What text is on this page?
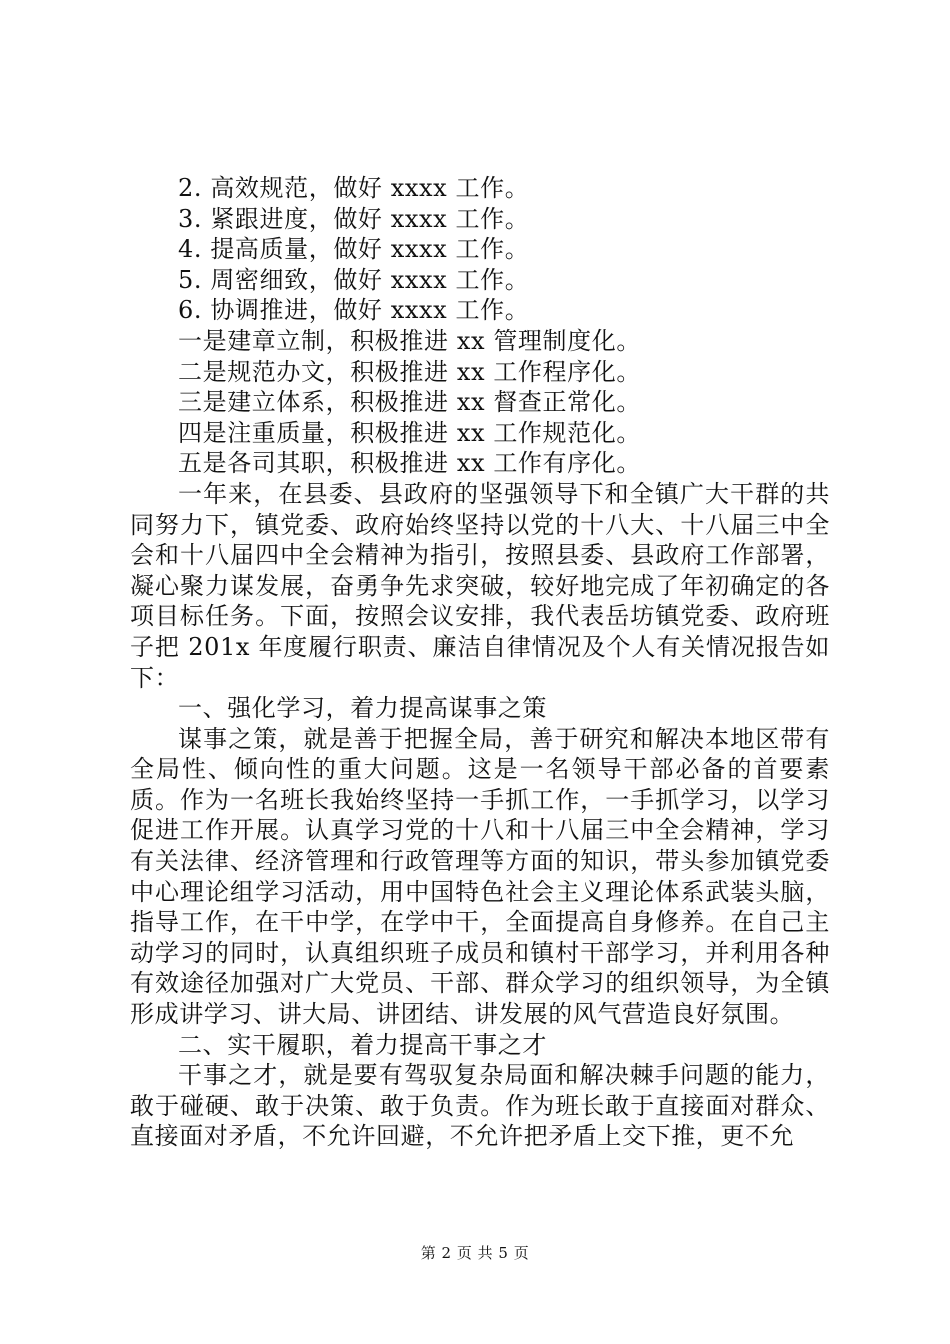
2. 高效规范，做好 xxxx 工作。

3. 紧跟进度，做好 xxxx 工作。

4. 提高质量，做好 xxxx 工作。

5. 周密细致，做好 xxxx 工作。

6. 协调推进，做好 xxxx 工作。

一是建章立制，积极推进 xx 管理制度化。

二是规范办文，积极推进 xx 工作程序化。

三是建立体系，积极推进 xx 督查正常化。

四是注重质量，积极推进 xx 工作规范化。

五是各司其职，积极推进 xx 工作有序化。

一年来，在县委、县政府的坚强领导下和全镇广大干群的共同努力下，镇党委、政府始终坚持以党的十八大、十八届三中全会和十八届四中全会精神为指引，按照县委、县政府工作部署，凝心聚力谋发展，奋勇争先求突破，较好地完成了年初确定的各项目标任务。下面，按照会议安排，我代表岳坊镇党委、政府班子把 201x 年度履行职责、廉洁自律情况及个人有关情况报告如下：

一、强化学习，着力提高谋事之策

谋事之策，就是善于把握全局，善于研究和解决本地区带有全局性、倾向性的重大问题。这是一名领导干部必备的首要素质。作为一名班长我始终坚持一手抓工作，一手抓学习，以学习促进工作开展。认真学习党的十八和十八届三中全会精神，学习有关法律、经济管理和行政管理等方面的知识，带头参加镇党委中心理论组学习活动，用中国特色社会主义理论体系武装头脑，指导工作，在干中学，在学中干，全面提高自身修养。在自己主动学习的同时，认真组织班子成员和镇村干部学习，并利用各种有效途径加强对广大党员、干部、群众学习的组织领导，为全镇形成讲学习、讲大局、讲团结、讲发展的风气营造良好氛围。

二、实干履职，着力提高干事之才

干事之才，就是要有驾驭复杂局面和解决棘手问题的能力，敢于碰硬、敢于决策、敢于负责。作为班长敢于直接面对群众、直接面对矛盾，不允许回避，不允许把矛盾上交下推，更不允

第 2 页 共 5 页
